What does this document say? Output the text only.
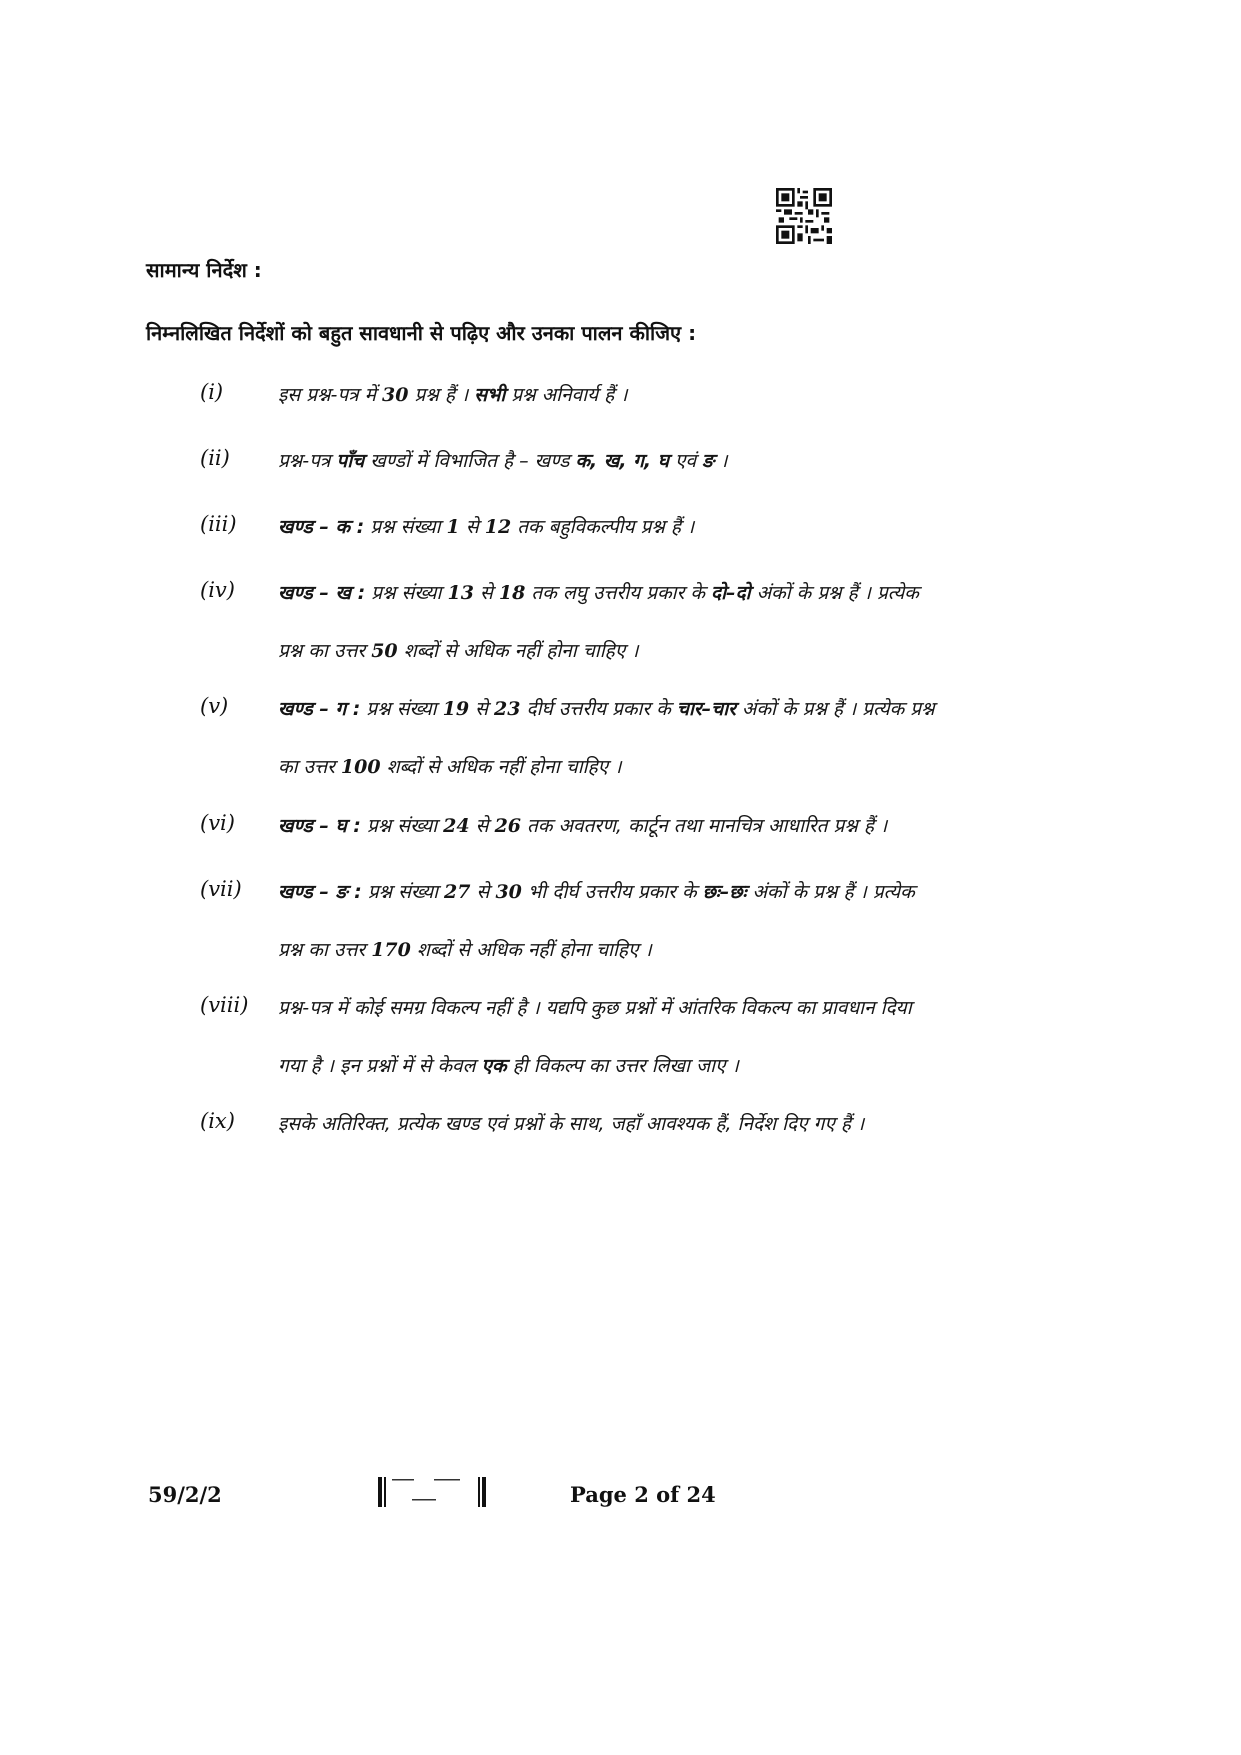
सामान्य निर्देश :
निम्नलिखित निर्देशों को बहुत सावधानी से पढ़िए और उनका पालन कीजिए :
(i)	इस प्रश्न-पत्र में 30 प्रश्न हैं । सभी प्रश्न अनिवार्य हैं ।
(ii)	प्रश्न-पत्र पाँच खण्डों में विभाजित है – खण्ड क, ख, ग, घ एवं ङ ।
(iii) खण्ड – क : प्रश्न संख्या 1 से 12 तक बहुविकल्पीय प्रश्न हैं ।
(iv) खण्ड – ख : प्रश्न संख्या 13 से 18 तक लघु उत्तरीय प्रकार के दो–दो अंकों के प्रश्न हैं । प्रत्येक
प्रश्न का उत्तर 50 शब्दों से अधिक नहीं होना चाहिए ।
(v)	खण्ड – ग : प्रश्न संख्या 19 से 23 दीर्घ उत्तरीय प्रकार के चार–चार अंकों के प्रश्न हैं । प्रत्येक प्रश्न
का उत्तर 100 शब्दों से अधिक नहीं होना चाहिए ।
(vi) खण्ड – घ : प्रश्न संख्या 24 से 26 तक अवतरण, कार्टून तथा मानचित्र आधारित प्रश्न हैं ।
(vii) खण्ड – ङ : प्रश्न संख्या 27 से 30 भी दीर्घ उत्तरीय प्रकार के छः–छः अंकों के प्रश्न हैं । प्रत्येक
प्रश्न का उत्तर 170 शब्दों से अधिक नहीं होना चाहिए ।
(viii) प्रश्न-पत्र में कोई समग्र विकल्प नहीं है । यद्यपि कुछ प्रश्नों में आंतरिक विकल्प का प्रावधान दिया
गया है । इन प्रश्नों में से केवल एक ही विकल्प का उत्तर लिखा जाए ।
(ix) इसके अतिरिक्त, प्रत्येक खण्ड एवं प्रश्नों के साथ, जहाँ आवश्यक हैं, निर्देश दिए गए हैं ।
59/2/2	Page 2 of 24
